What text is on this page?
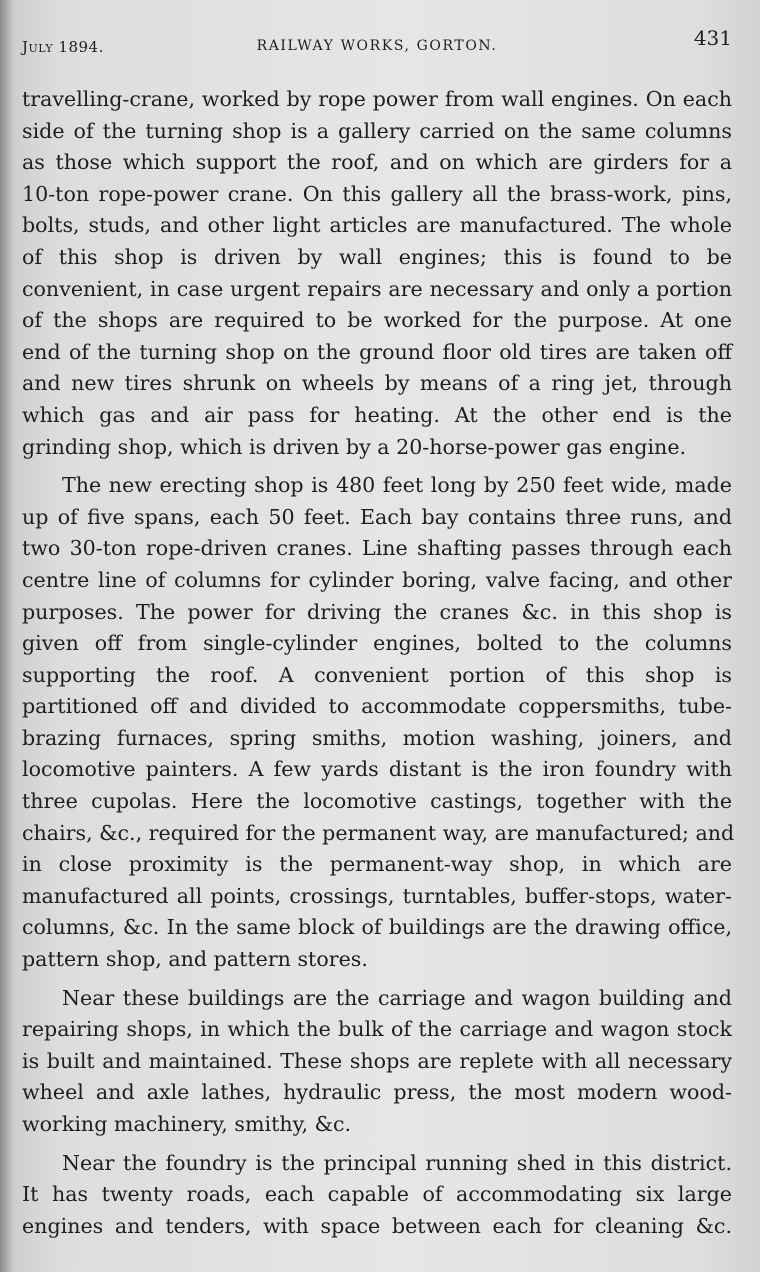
July 1894.	RAILWAY WORKS, GORTON.	431
travelling-crane, worked by rope power from wall engines. On each
side of the turning shop is a gallery carried on the same columns
as those which support the roof, and on which are girders for a
10-ton rope-power crane. On this gallery all the brass-work, pins,
bolts, studs, and other light articles are manufactured. The whole
of this shop is driven by wall engines; this is found to be
convenient, in case urgent repairs are necessary and only a portion
of the shops are required to be worked for the purpose. At one
end of the turning shop on the ground floor old tires are taken off
and new tires shrunk on wheels by means of a ring jet, through
which gas and air pass for heating. At the other end is the
grinding shop, which is driven by a 20-horse-power gas engine.
The new erecting shop is 480 feet long by 250 feet wide, made
up of five spans, each 50 feet. Each bay contains three runs, and
two 30-ton rope-driven cranes. Line shafting passes through each
centre line of columns for cylinder boring, valve facing, and other
purposes. The power for driving the cranes &c. in this shop is
given off from single-cylinder engines, bolted to the columns
supporting the roof. A convenient portion of this shop is
partitioned off and divided to accommodate coppersmiths, tube-
brazing furnaces, spring smiths, motion washing, joiners, and
locomotive painters. A few yards distant is the iron foundry with
three cupolas. Here the locomotive castings, together with the
chairs, &c., required for the permanent way, are manufactured; and
in close proximity is the permanent-way shop, in which are
manufactured all points, crossings, turntables, buffer-stops, water-
columns, &c. In the same block of buildings are the drawing office,
pattern shop, and pattern stores.
Near these buildings are the carriage and wagon building and
repairing shops, in which the bulk of the carriage and wagon stock
is built and maintained. These shops are replete with all necessary
wheel and axle lathes, hydraulic press, the most modern wood-
working machinery, smithy, &c.
Near the foundry is the principal running shed in this district.
It has twenty roads, each capable of accommodating six large
engines and tenders, with space between each for cleaning &c.
